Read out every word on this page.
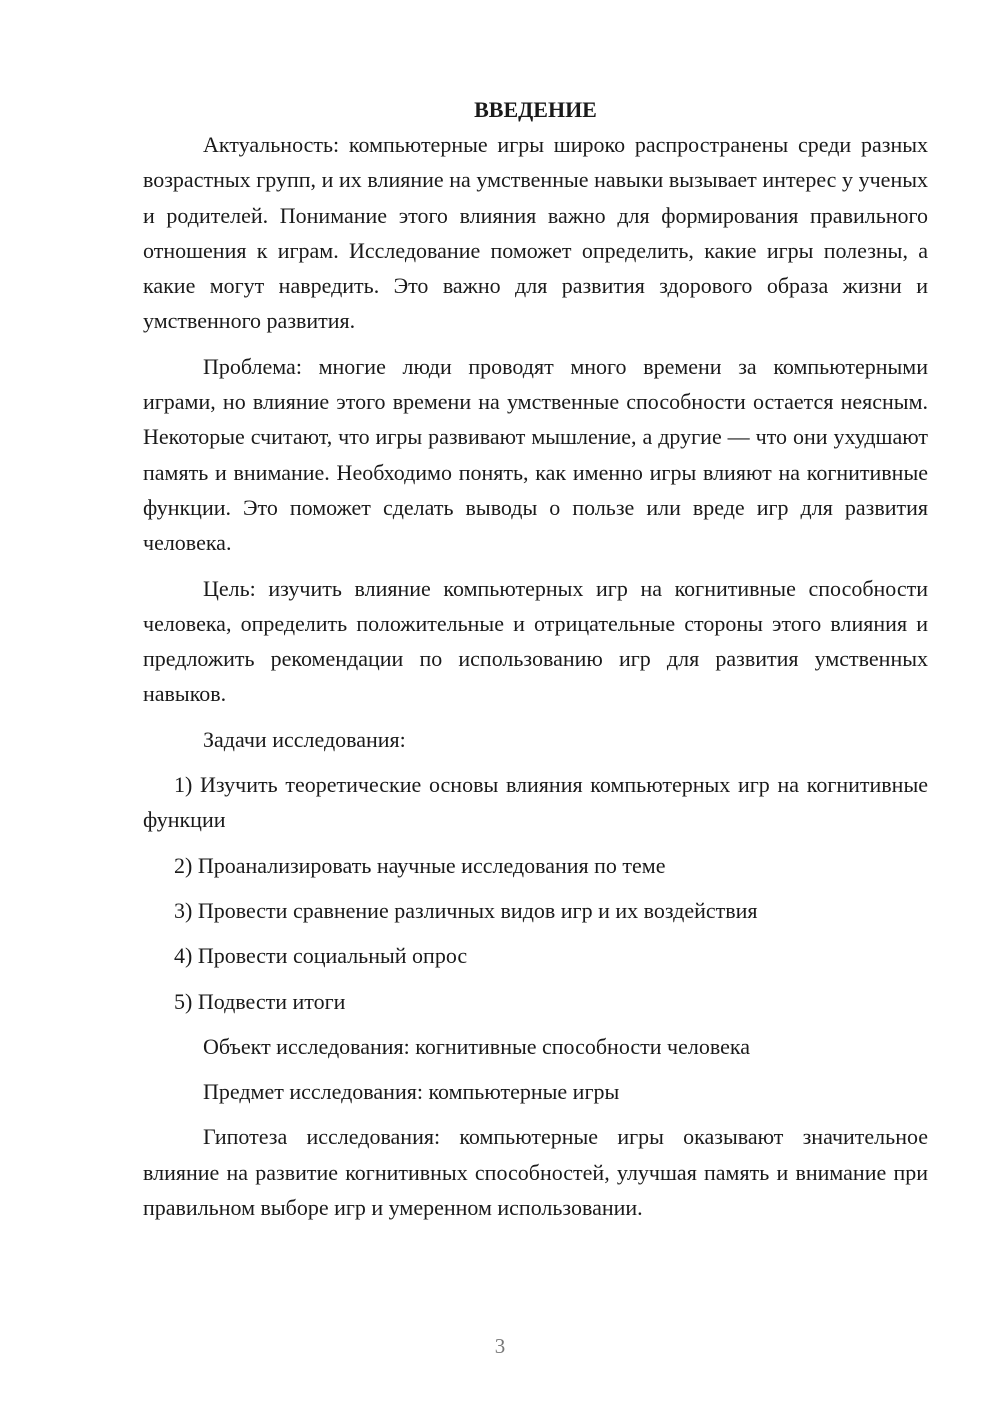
ВВЕДЕНИЕ

Актуальность: компьютерные игры широко распространены среди разных возрастных групп, и их влияние на умственные навыки вызывает интерес у ученых и родителей. Понимание этого влияния важно для формирования правильного отношения к играм. Исследование поможет определить, какие игры полезны, а какие могут навредить. Это важно для развития здорового образа жизни и умственного развития.

Проблема: многие люди проводят много времени за компьютерными играми, но влияние этого времени на умственные способности остается неясным. Некоторые считают, что игры развивают мышление, а другие — что они ухудшают память и внимание. Необходимо понять, как именно игры влияют на когнитивные функции. Это поможет сделать выводы о пользе или вреде игр для развития человека.

Цель: изучить влияние компьютерных игр на когнитивные способности человека, определить положительные и отрицательные стороны этого влияния и предложить рекомендации по использованию игр для развития умственных навыков.

Задачи исследования:

1) Изучить теоретические основы влияния компьютерных игр на когнитивные функции

2) Проанализировать научные исследования по теме

3) Провести сравнение различных видов игр и их воздействия

4) Провести социальный опрос

5) Подвести итоги

Объект исследования: когнитивные способности человека

Предмет исследования: компьютерные игры

Гипотеза исследования: компьютерные игры оказывают значительное влияние на развитие когнитивных способностей, улучшая память и внимание при правильном выборе игр и умеренном использовании.

3
